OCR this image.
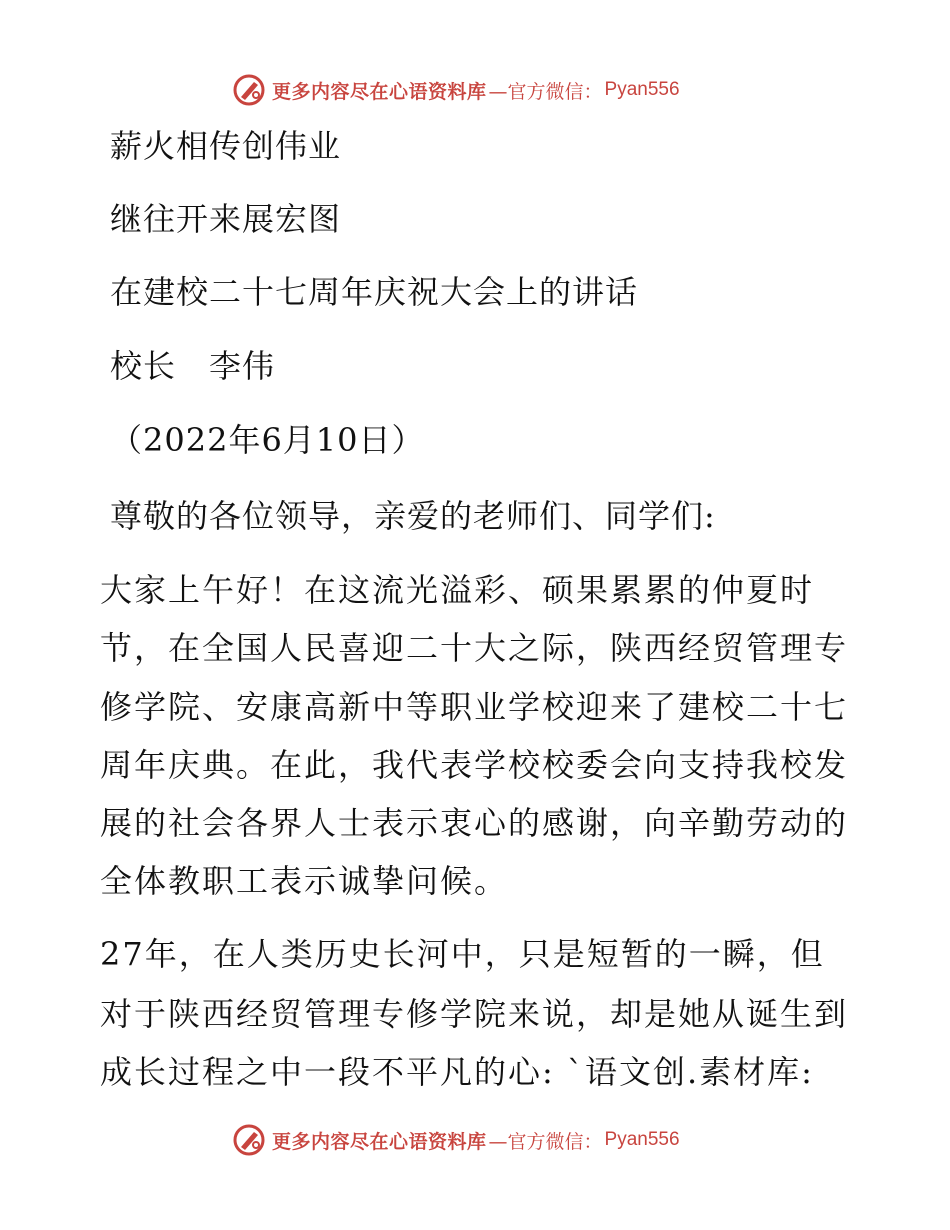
更多内容尽在心语资料库 —官方微信： Pyan556
薪火相传创伟业
继往开来展宏图
在建校二十七周年庆祝大会上的讲话
校长　李伟
（2022年6月10日）
尊敬的各位领导，亲爱的老师们、同学们:
大家上午好！在这流光溢彩、硕果累累的仲夏时
节，在全国人民喜迎二十大之际，陕西经贸管理专
修学院、安康高新中等职业学校迎来了建校二十七
周年庆典。在此，我代表学校校委会向支持我校发
展的社会各界人士表示衷心的感谢，向辛勤劳动的
全体教职工表示诚挚问候。
27年，在人类历史长河中，只是短暂的一瞬，但
对于陕西经贸管理专修学院来说，却是她从诞生到
成长过程之中一段不平凡的心: `语文创.素材库:
更多内容尽在心语资料库 —官方微信： Pyan556
